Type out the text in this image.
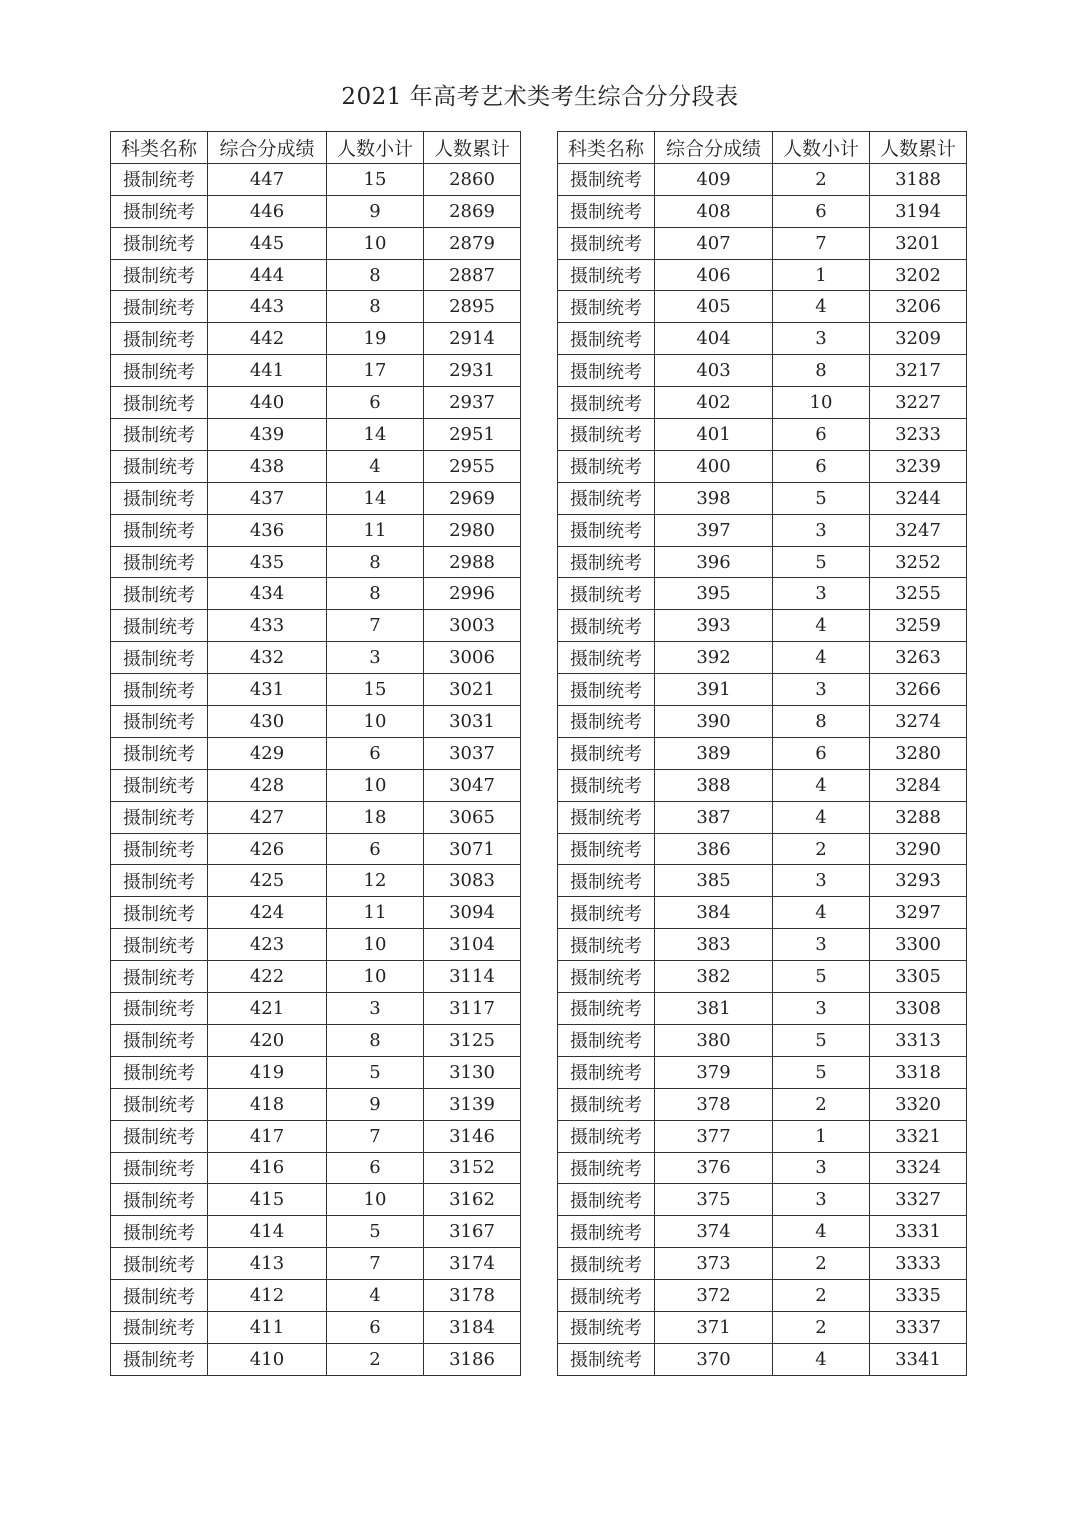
2021 年高考艺术类考生综合分分段表
科类名称	综合分成绩	人数小计	人数累计
摄制统考	447	15	2860
摄制统考	446	9	2869
摄制统考	445	10	2879
摄制统考	444	8	2887
摄制统考	443	8	2895
摄制统考	442	19	2914
摄制统考	441	17	2931
摄制统考	440	6	2937
摄制统考	439	14	2951
摄制统考	438	4	2955
摄制统考	437	14	2969
摄制统考	436	11	2980
摄制统考	435	8	2988
摄制统考	434	8	2996
摄制统考	433	7	3003
摄制统考	432	3	3006
摄制统考	431	15	3021
摄制统考	430	10	3031
摄制统考	429	6	3037
摄制统考	428	10	3047
摄制统考	427	18	3065
摄制统考	426	6	3071
摄制统考	425	12	3083
摄制统考	424	11	3094
摄制统考	423	10	3104
摄制统考	422	10	3114
摄制统考	421	3	3117
摄制统考	420	8	3125
摄制统考	419	5	3130
摄制统考	418	9	3139
摄制统考	417	7	3146
摄制统考	416	6	3152
摄制统考	415	10	3162
摄制统考	414	5	3167
摄制统考	413	7	3174
摄制统考	412	4	3178
摄制统考	411	6	3184
摄制统考	410	2	3186
科类名称	综合分成绩	人数小计	人数累计
摄制统考	409	2	3188
摄制统考	408	6	3194
摄制统考	407	7	3201
摄制统考	406	1	3202
摄制统考	405	4	3206
摄制统考	404	3	3209
摄制统考	403	8	3217
摄制统考	402	10	3227
摄制统考	401	6	3233
摄制统考	400	6	3239
摄制统考	398	5	3244
摄制统考	397	3	3247
摄制统考	396	5	3252
摄制统考	395	3	3255
摄制统考	393	4	3259
摄制统考	392	4	3263
摄制统考	391	3	3266
摄制统考	390	8	3274
摄制统考	389	6	3280
摄制统考	388	4	3284
摄制统考	387	4	3288
摄制统考	386	2	3290
摄制统考	385	3	3293
摄制统考	384	4	3297
摄制统考	383	3	3300
摄制统考	382	5	3305
摄制统考	381	3	3308
摄制统考	380	5	3313
摄制统考	379	5	3318
摄制统考	378	2	3320
摄制统考	377	1	3321
摄制统考	376	3	3324
摄制统考	375	3	3327
摄制统考	374	4	3331
摄制统考	373	2	3333
摄制统考	372	2	3335
摄制统考	371	2	3337
摄制统考	370	4	3341
